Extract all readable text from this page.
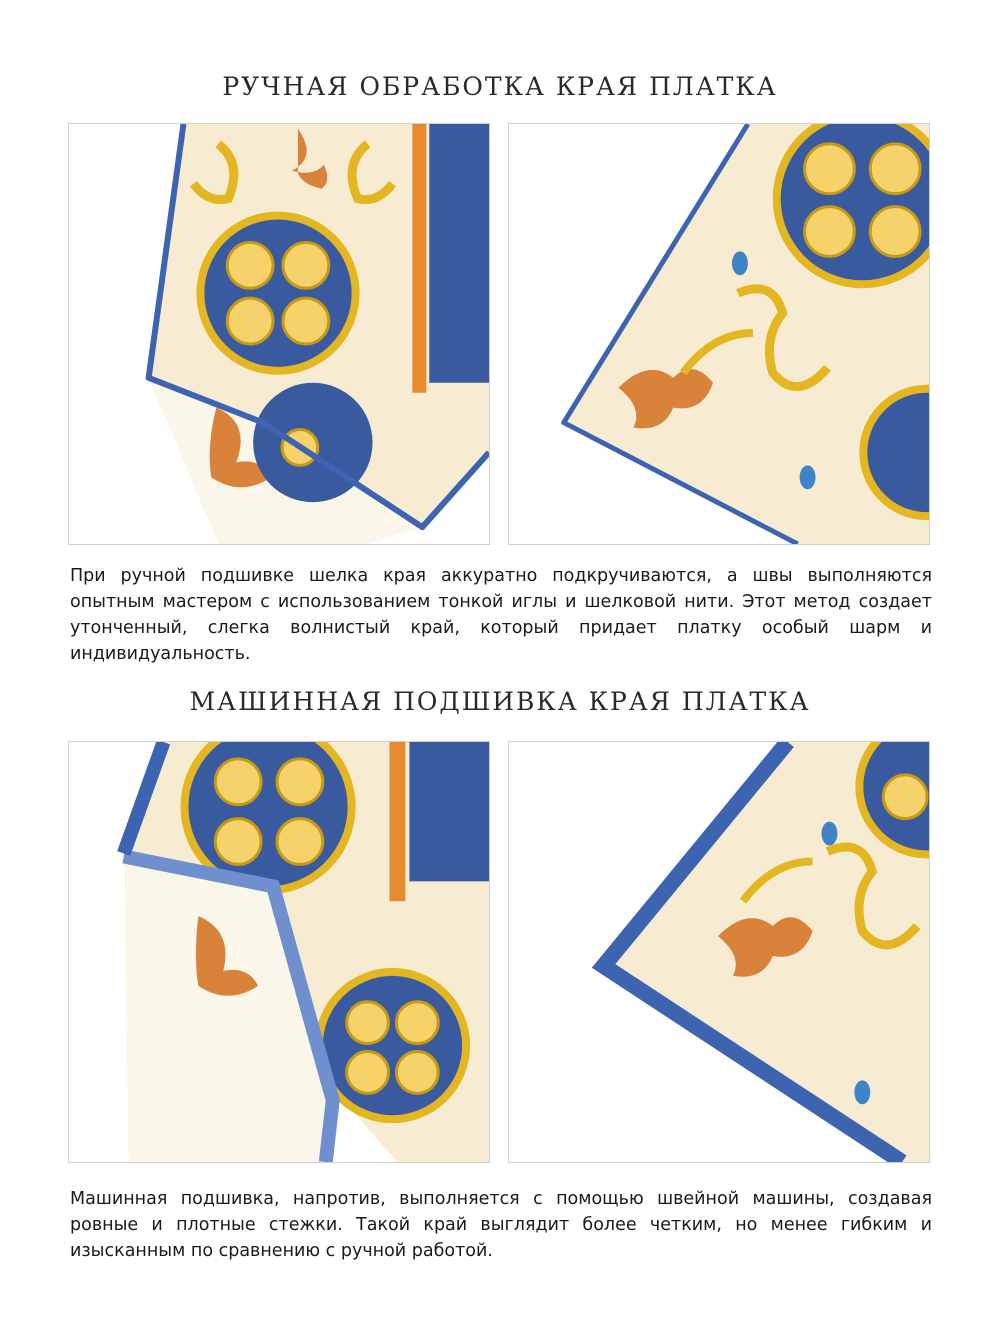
РУЧНАЯ ОБРАБОТКА КРАЯ ПЛАТКА

При ручной подшивке шелка края аккуратно подкручиваются, а швы выполняются опытным мастером с использованием тонкой иглы и шелковой нити. Этот метод создает утонченный, слегка волнистый край, который придает платку особый шарм и индивидуальность.

МАШИННАЯ ПОДШИВКА КРАЯ ПЛАТКА

Машинная подшивка, напротив, выполняется с помощью швейной машины, создавая ровные и плотные стежки. Такой край выглядит более четким, но менее гибким и изысканным по сравнению с ручной работой.
